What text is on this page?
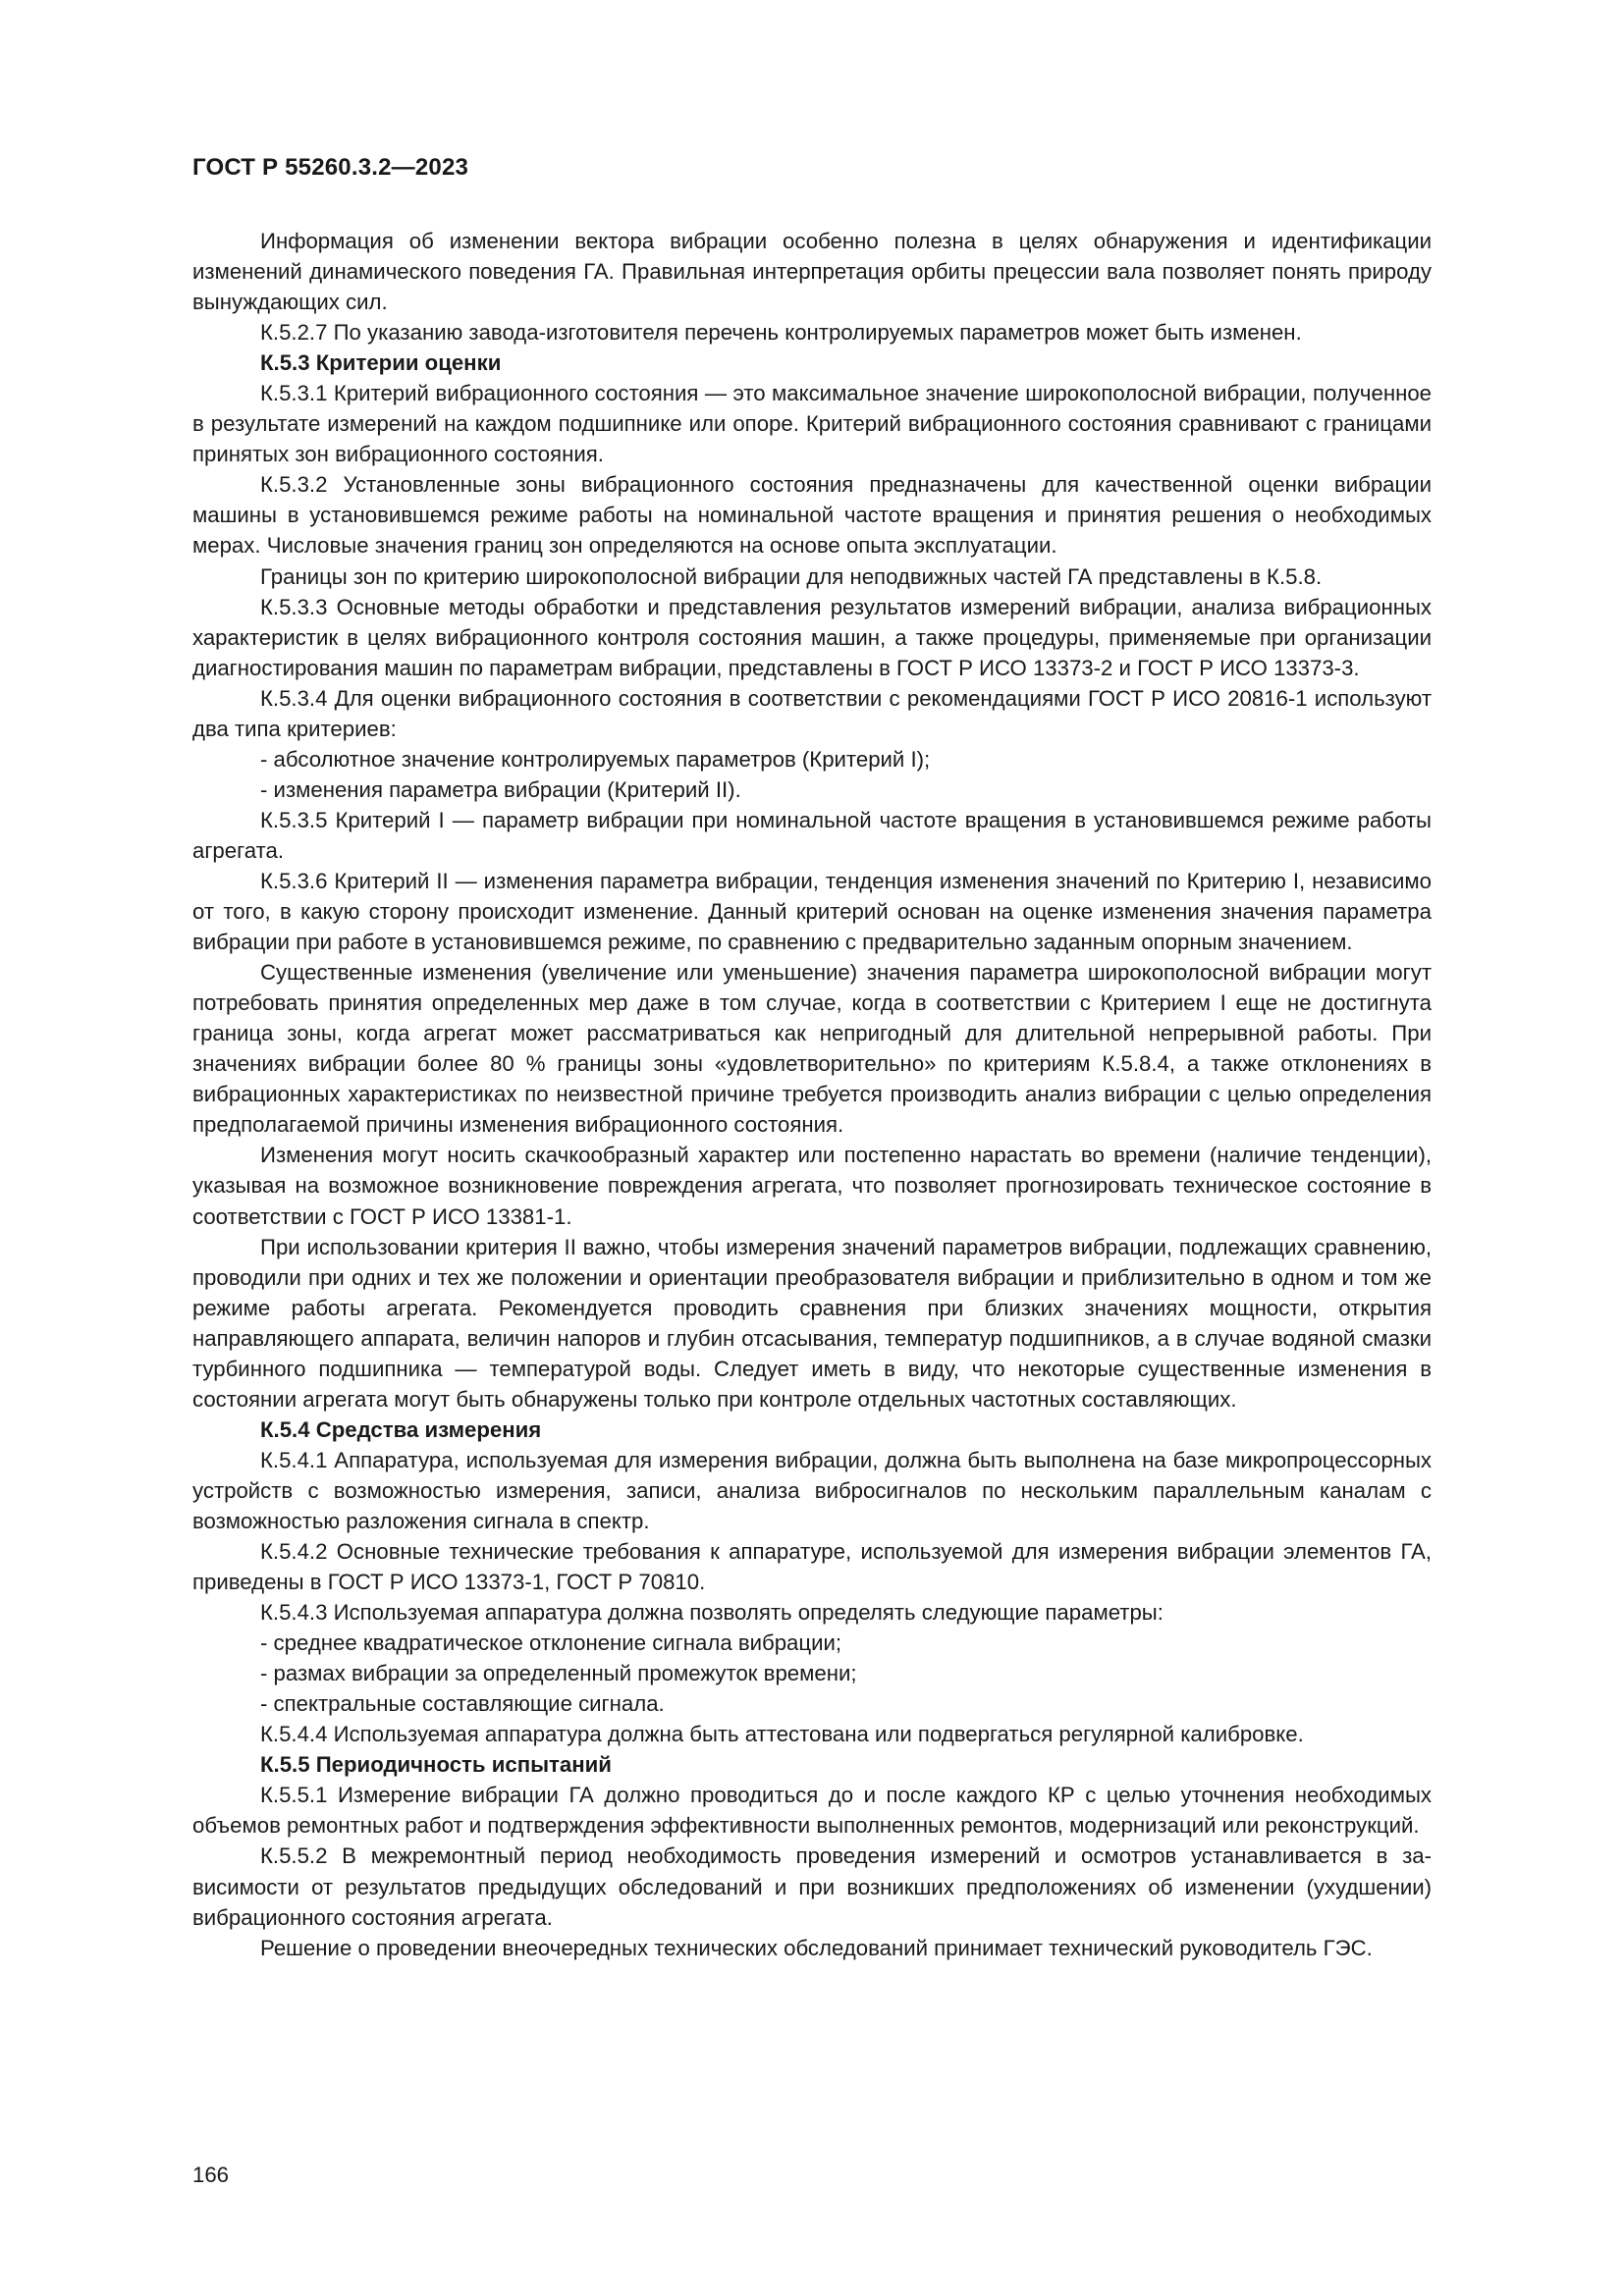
ГОСТ Р 55260.3.2—2023

Информация об изменении вектора вибрации особенно полезна в целях обнаружения и идентификации изменений динамического поведения ГА. Правильная интерпретация орбиты прецессии вала позволяет понять природу вынуждающих сил.

К.5.2.7 По указанию завода-изготовителя перечень контролируемых параметров может быть изменен.

К.5.3 Критерии оценки

К.5.3.1 Критерий вибрационного состояния — это максимальное значение широкополосной вибрации, полученное в результате измерений на каждом подшипнике или опоре. Критерий вибрационного состояния сравнивают с границами принятых зон вибрационного состояния.

К.5.3.2 Установленные зоны вибрационного состояния предназначены для качественной оценки вибрации машины в установившемся режиме работы на номинальной частоте вращения и принятия решения о необходимых мерах. Числовые значения границ зон определяются на основе опыта эксплуатации.

Границы зон по критерию широкополосной вибрации для неподвижных частей ГА представлены в К.5.8.

К.5.3.3 Основные методы обработки и представления результатов измерений вибрации, анализа вибрационных характеристик в целях вибрационного контроля состояния машин, а также процедуры, применяемые при организации диагностирования машин по параметрам вибрации, представлены в ГОСТ Р ИСО 13373-2 и ГОСТ Р ИСО 13373-3.

К.5.3.4 Для оценки вибрационного состояния в соответствии с рекомендациями ГОСТ Р ИСО 20816-1 используют два типа критериев:

- абсолютное значение контролируемых параметров (Критерий I);

- изменения параметра вибрации (Критерий II).

К.5.3.5 Критерий I — параметр вибрации при номинальной частоте вращения в установившемся режиме работы агрегата.

К.5.3.6 Критерий II — изменения параметра вибрации, тенденция изменения значений по Критерию I, независимо от того, в какую сторону происходит изменение. Данный критерий основан на оценке изменения значения параметра вибрации при работе в установившемся режиме, по сравнению с предварительно заданным опорным значением.

Существенные изменения (увеличение или уменьшение) значения параметра широкополосной вибрации могут потребовать принятия определенных мер даже в том случае, когда в соответствии с Критерием I еще не достигнута граница зоны, когда агрегат может рассматриваться как непригодный для длительной непрерывной работы. При значениях вибрации более 80 % границы зоны «удовлетворительно» по критериям К.5.8.4, а также отклонениях в вибрационных характеристиках по неизвестной причине требуется производить анализ вибрации с целью определения предполагаемой причины изменения вибрационного состояния.

Изменения могут носить скачкообразный характер или постепенно нарастать во времени (наличие тенденции), указывая на возможное возникновение повреждения агрегата, что позволяет прогнозировать техническое состояние в соответствии с ГОСТ Р ИСО 13381-1.

При использовании критерия II важно, чтобы измерения значений параметров вибрации, подлежащих сравнению, проводили при одних и тех же положении и ориентации преобразователя вибрации и приблизительно в одном и том же режиме работы агрегата. Рекомендуется проводить сравнения при близких значениях мощности, открытия направляющего аппарата, величин напоров и глубин отсасывания, температур подшипников, а в случае водяной смазки турбинного подшипника — температурой воды. Следует иметь в виду, что некоторые существенные изменения в состоянии агрегата могут быть обнаружены только при контроле отдельных частотных составляющих.

К.5.4 Средства измерения

К.5.4.1 Аппаратура, используемая для измерения вибрации, должна быть выполнена на базе микропроцессорных устройств с возможностью измерения, записи, анализа вибросигналов по нескольким параллельным каналам с возможностью разложения сигнала в спектр.

К.5.4.2 Основные технические требования к аппаратуре, используемой для измерения вибрации элементов ГА, приведены в ГОСТ Р ИСО 13373-1, ГОСТ Р 70810.

К.5.4.3 Используемая аппаратура должна позволять определять следующие параметры:

- среднее квадратическое отклонение сигнала вибрации;

- размах вибрации за определенный промежуток времени;

- спектральные составляющие сигнала.

К.5.4.4 Используемая аппаратура должна быть аттестована или подвергаться регулярной калибровке.

К.5.5 Периодичность испытаний

К.5.5.1 Измерение вибрации ГА должно проводиться до и после каждого КР с целью уточнения необходимых объемов ремонтных работ и подтверждения эффективности выполненных ремонтов, модернизаций или реконструкций.

К.5.5.2 В межремонтный период необходимость проведения измерений и осмотров устанавливается в зависимости от результатов предыдущих обследований и при возникших предположениях об изменении (ухудшении) вибрационного состояния агрегата.

Решение о проведении внеочередных технических обследований принимает технический руководитель ГЭС.

166
